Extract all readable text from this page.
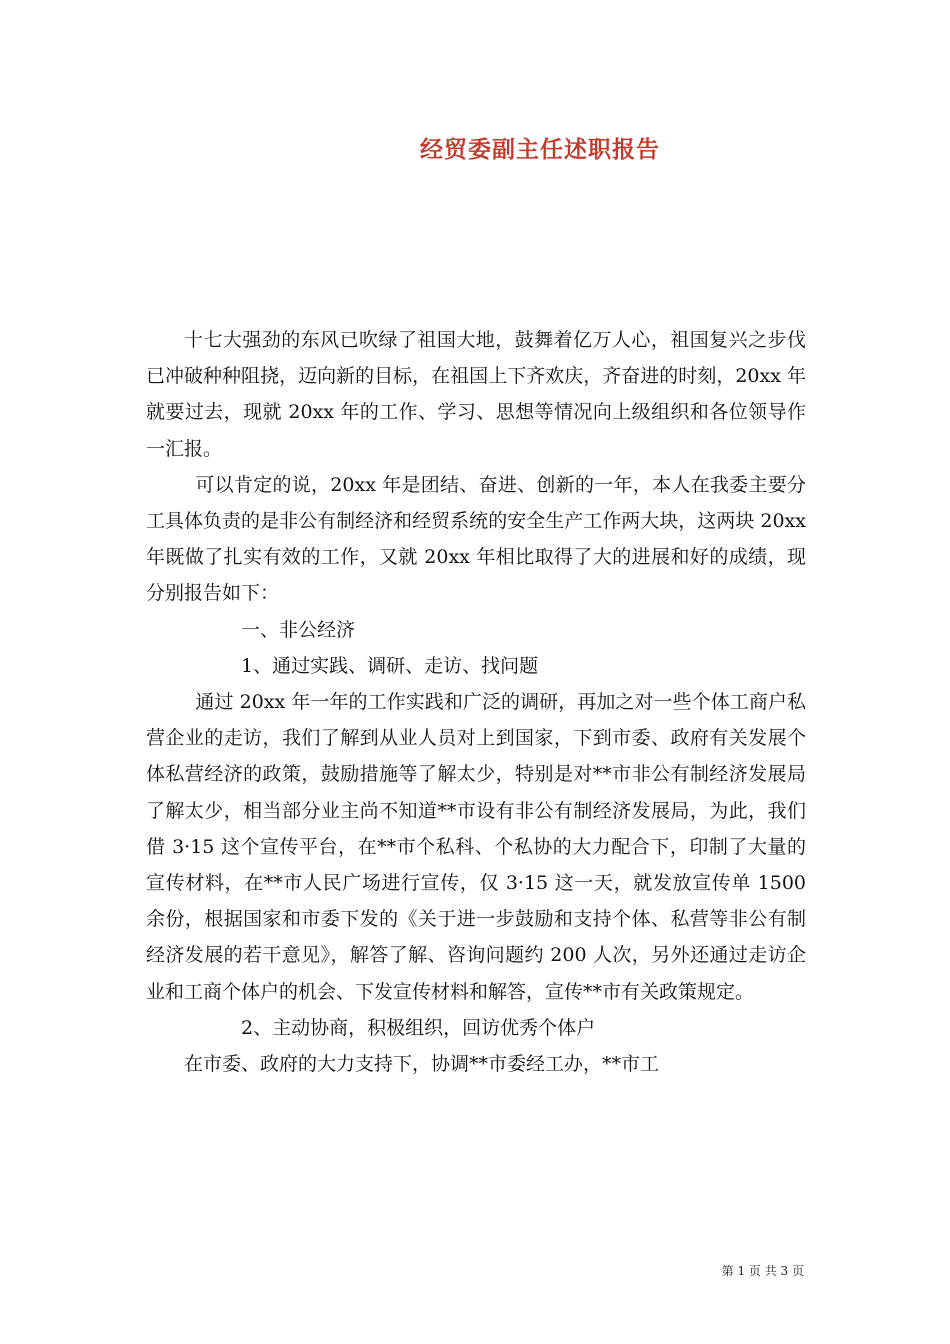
经贸委副主任述职报告

十七大强劲的东风已吹绿了祖国大地，鼓舞着亿万人心，祖国复兴之步伐已冲破种种阻挠，迈向新的目标，在祖国上下齐欢庆，齐奋进的时刻，20xx 年就要过去，现就 20xx 年的工作、学习、思想等情况向上级组织和各位领导作一汇报。

可以肯定的说，20xx 年是团结、奋进、创新的一年，本人在我委主要分工具体负责的是非公有制经济和经贸系统的安全生产工作两大块，这两块 20xx 年既做了扎实有效的工作，又就 20xx 年相比取得了大的进展和好的成绩，现分别报告如下：

一、非公经济

1、通过实践、调研、走访、找问题

通过 20xx 年一年的工作实践和广泛的调研，再加之对一些个体工商户私营企业的走访，我们了解到从业人员对上到国家，下到市委、政府有关发展个体私营经济的政策，鼓励措施等了解太少，特别是对**市非公有制经济发展局了解太少，相当部分业主尚不知道**市设有非公有制经济发展局，为此，我们借 3·15 这个宣传平台，在**市个私科、个私协的大力配合下，印制了大量的宣传材料，在**市人民广场进行宣传，仅 3·15 这一天，就发放宣传单 1500 余份，根据国家和市委下发的《关于进一步鼓励和支持个体、私营等非公有制经济发展的若干意见》，解答了解、咨询问题约 200 人次，另外还通过走访企业和工商个体户的机会、下发宣传材料和解答，宣传**市有关政策规定。

2、主动协商，积极组织，回访优秀个体户

在市委、政府的大力支持下，协调**市委经工办，**市工

第 1 页 共 3 页
